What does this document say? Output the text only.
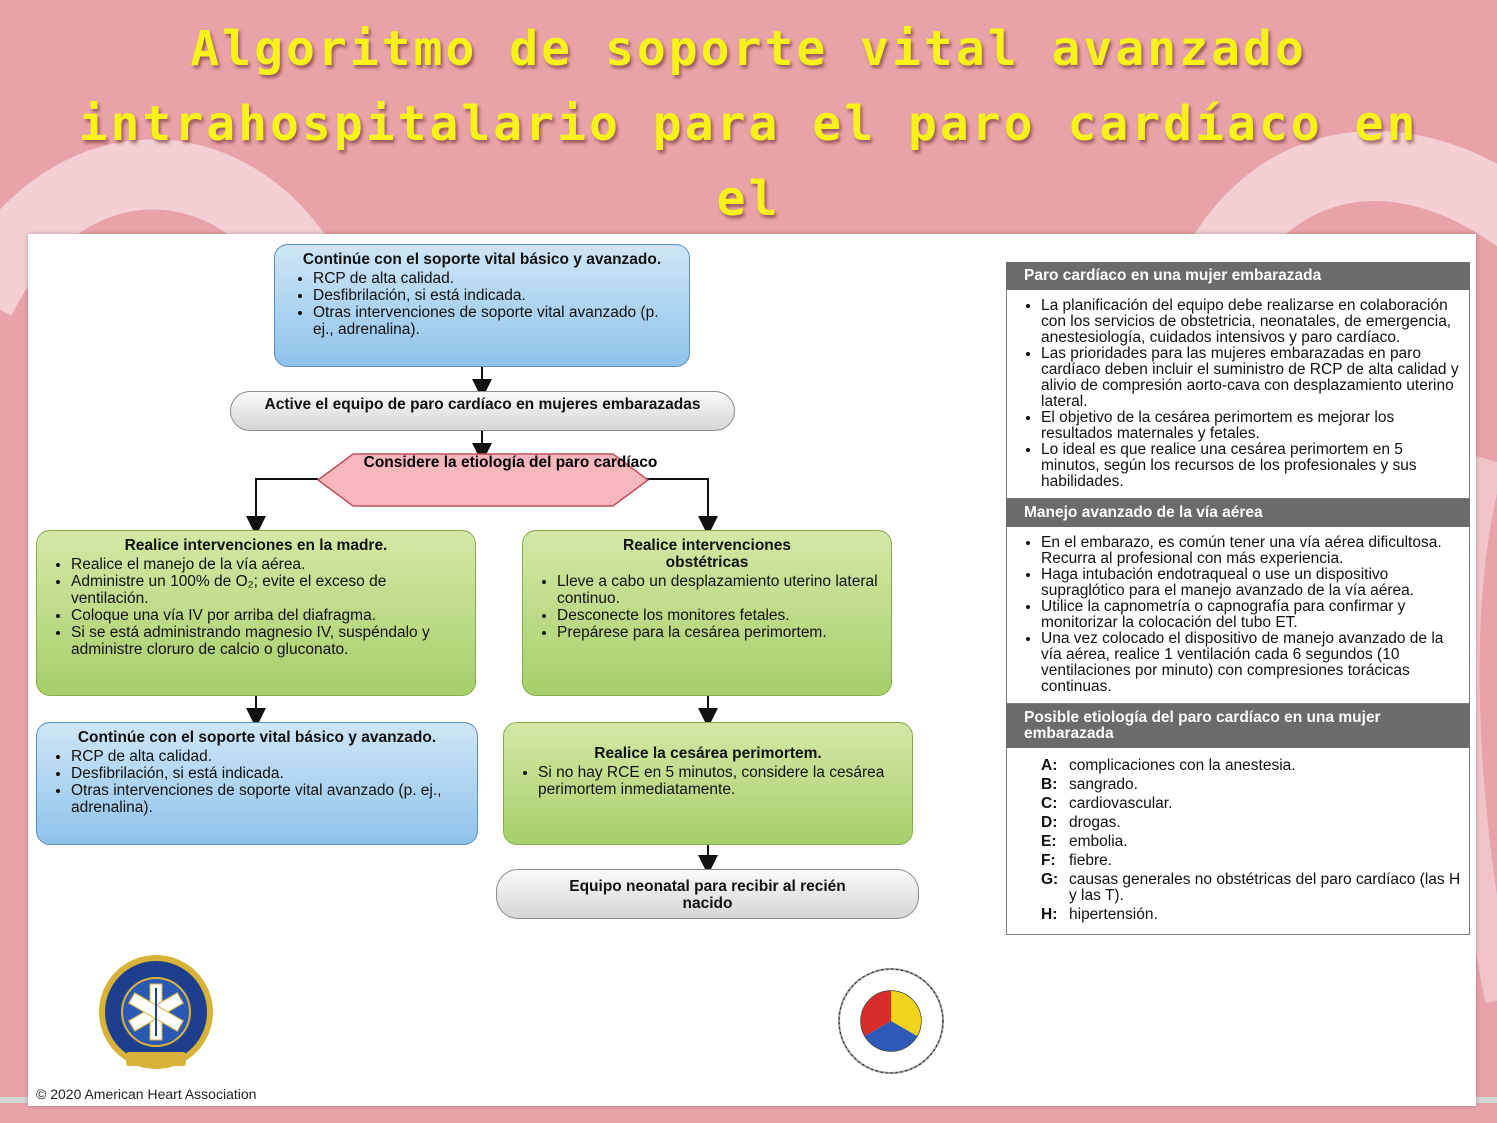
Algoritmo de soporte vital avanzado
intrahospitalario para el paro cardíaco en el

Continúe con el soporte vital básico y avanzado.
• RCP de alta calidad.
• Desfibrilación, si está indicada.
• Otras intervenciones de soporte vital avanzado (p. ej., adrenalina).
Active el equipo de paro cardíaco en mujeres embarazadas
Considere la etiología del paro cardíaco
Realice intervenciones en la madre.
• Realice el manejo de la vía aérea.
• Administre un 100% de O₂; evite el exceso de ventilación.
• Coloque una vía IV por arriba del diafragma.
• Si se está administrando magnesio IV, suspéndalo y administre cloruro de calcio o gluconato.
Realice intervenciones obstétricas
• Lleve a cabo un desplazamiento uterino lateral continuo.
• Desconecte los monitores fetales.
• Prepárese para la cesárea perimortem.
Continúe con el soporte vital básico y avanzado.
• RCP de alta calidad.
• Desfibrilación, si está indicada.
• Otras intervenciones de soporte vital avanzado (p. ej., adrenalina).
Realice la cesárea perimortem.
• Si no hay RCE en 5 minutos, considere la cesárea perimortem inmediatamente.
Equipo neonatal para recibir al recién nacido
© 2020 American Heart Association
Paro cardíaco en una mujer embarazada
• La planificación del equipo debe realizarse en colaboración con los servicios de obstetricia, neonatales, de emergencia, anestesiología, cuidados intensivos y paro cardíaco.
• Las prioridades para las mujeres embarazadas en paro cardíaco deben incluir el suministro de RCP de alta calidad y alivio de compresión aorto-cava con desplazamiento uterino lateral.
• El objetivo de la cesárea perimortem es mejorar los resultados maternales y fetales.
• Lo ideal es que realice una cesárea perimortem en 5 minutos, según los recursos de los profesionales y sus habilidades.
Manejo avanzado de la vía aérea
• En el embarazo, es común tener una vía aérea dificultosa. Recurra al profesional con más experiencia.
• Haga intubación endotraqueal o use un dispositivo supraglótico para el manejo avanzado de la vía aérea.
• Utilice la capnometría o capnografía para confirmar y monitorizar la colocación del tubo ET.
• Una vez colocado el dispositivo de manejo avanzado de la vía aérea, realice 1 ventilación cada 6 segundos (10 ventilaciones por minuto) con compresiones torácicas continuas.
Posible etiología del paro cardíaco en una mujer embarazada
A: complicaciones con la anestesia.
B: sangrado.
C: cardiovascular.
D: drogas.
E: embolia.
F: fiebre.
G: causas generales no obstétricas del paro cardíaco (las H y las T).
H: hipertensión.
